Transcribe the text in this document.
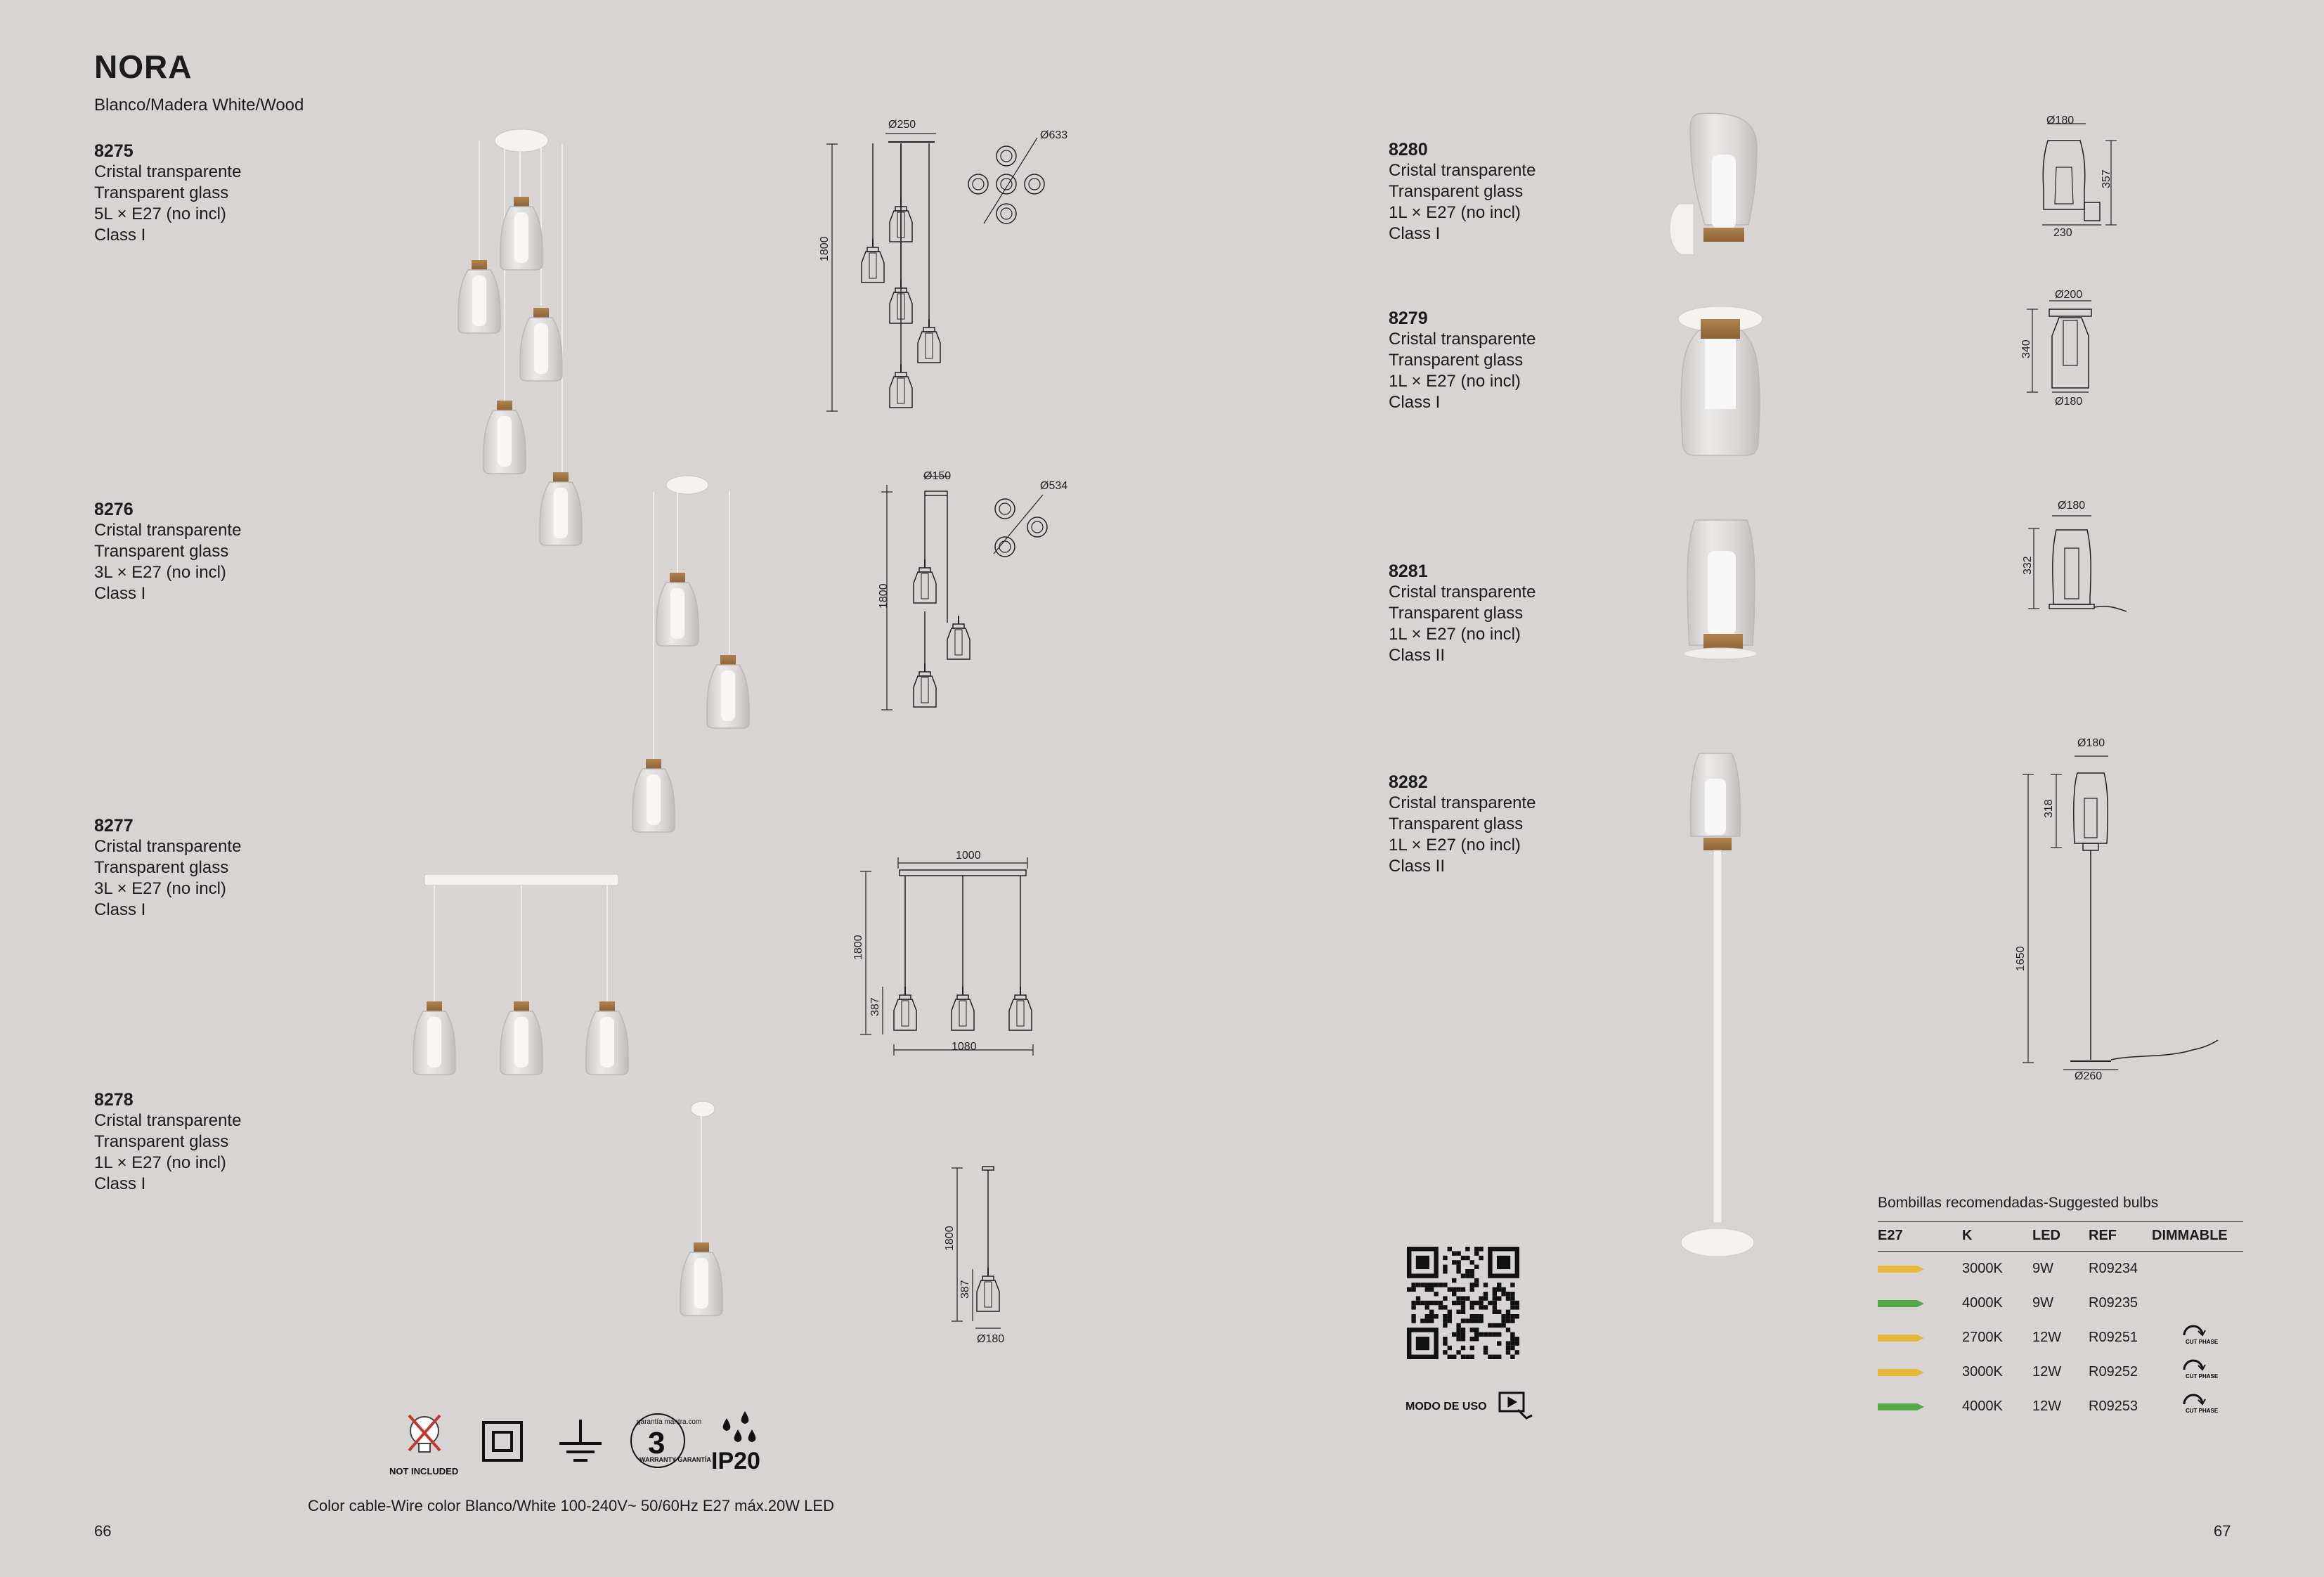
NORA
Blanco/Madera White/Wood
8275
Cristal transparente
Transparent glass
5L × E27 (no incl)
Class I
8276
Cristal transparente
Transparent glass
3L × E27 (no incl)
Class I
8277
Cristal transparente
Transparent glass
3L × E27 (no incl)
Class I
8278
Cristal transparente
Transparent glass
1L × E27 (no incl)
Class I
8280
Cristal transparente
Transparent glass
1L × E27 (no incl)
Class I
8279
Cristal transparente
Transparent glass
1L × E27 (no incl)
Class I
8281
Cristal transparente
Transparent glass
1L × E27 (no incl)
Class II
8282
Cristal transparente
Transparent glass
1L × E27 (no incl)
Class II
Ø250
Ø633
1800
Ø150
Ø534
1800
1000
1800
387
1080
1800
387
Ø180
Ø180
357
230
Ø200
340
Ø180
Ø180
332
Ø180
318
1650
Ø260
MODO DE USO
NOT INCLUDED
3
WARRANTY GARANTÍA
garantía mantra.com
IP20
Bombillas recomendadas-Suggested bulbs
E27	K	LED	REF	DIMMABLE
	3000K	9W	R09234	
	4000K	9W	R09235	
	2700K	12W	R09251	CUT PHASE

	3000K	12W	R09252	CUT PHASE

	4000K	12W	R09253	CUT PHASE
Color cable-Wire color Blanco/White 100-240V~ 50/60Hz E27 máx.20W LED
66	67
